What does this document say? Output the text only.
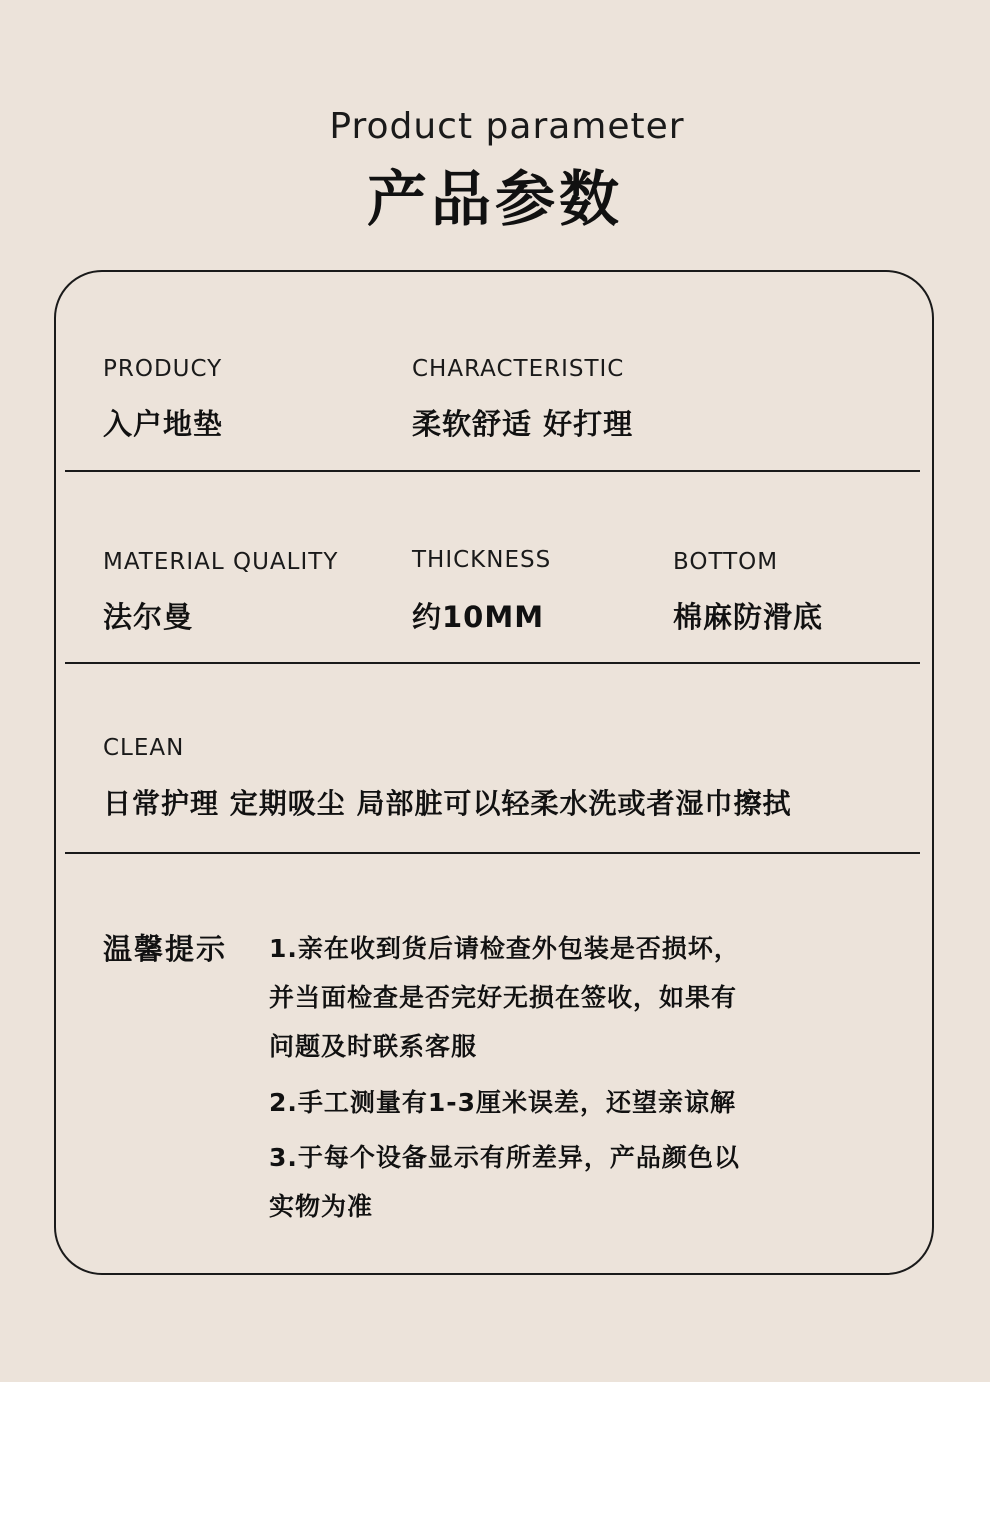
Product parameter
产品参数
PRODUCY
入户地垫
CHARACTERISTIC
柔软舒适 好打理
MATERIAL QUALITY
法尔曼
THICKNESS
约10MM
BOTTOM
棉麻防滑底
CLEAN
日常护理 定期吸尘 局部脏可以轻柔水洗或者湿巾擦拭
温馨提示 1.亲在收到货后请检查外包装是否损坏，
并当面检查是否完好无损在签收，如果有
问题及时联系客服
2.手工测量有1-3厘米误差，还望亲谅解
3.于每个设备显示有所差异，产品颜色以
实物为准
